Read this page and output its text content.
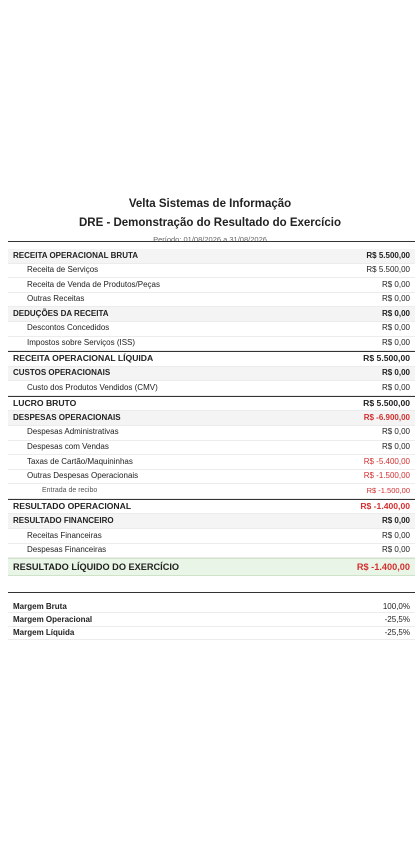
Velta Sistemas de Informação
DRE - Demonstração do Resultado do Exercício
Período: 01/08/2026 a 31/08/2026
RECEITA OPERACIONAL BRUTA	R$ 5.500,00
Receita de Serviços	R$ 5.500,00
Receita de Venda de Produtos/Peças	R$ 0,00
Outras Receitas	R$ 0,00
DEDUÇÕES DA RECEITA	R$ 0,00
Descontos Concedidos	R$ 0,00
Impostos sobre Serviços (ISS)	R$ 0,00
RECEITA OPERACIONAL LÍQUIDA	R$ 5.500,00
CUSTOS OPERACIONAIS	R$ 0,00
Custo dos Produtos Vendidos (CMV)	R$ 0,00
LUCRO BRUTO	R$ 5.500,00
DESPESAS OPERACIONAIS	R$ -6.900,00
Despesas Administrativas	R$ 0,00
Despesas com Vendas	R$ 0,00
Taxas de Cartão/Maquininhas	R$ -5.400,00
Outras Despesas Operacionais	R$ -1.500,00
Entrada de recibo	R$ -1.500,00
RESULTADO OPERACIONAL	R$ -1.400,00
RESULTADO FINANCEIRO	R$ 0,00
Receitas Financeiras	R$ 0,00
Despesas Financeiras	R$ 0,00
RESULTADO LÍQUIDO DO EXERCÍCIO	R$ -1.400,00
Margem Bruta	100,0%
Margem Operacional	-25,5%
Margem Líquida	-25,5%
